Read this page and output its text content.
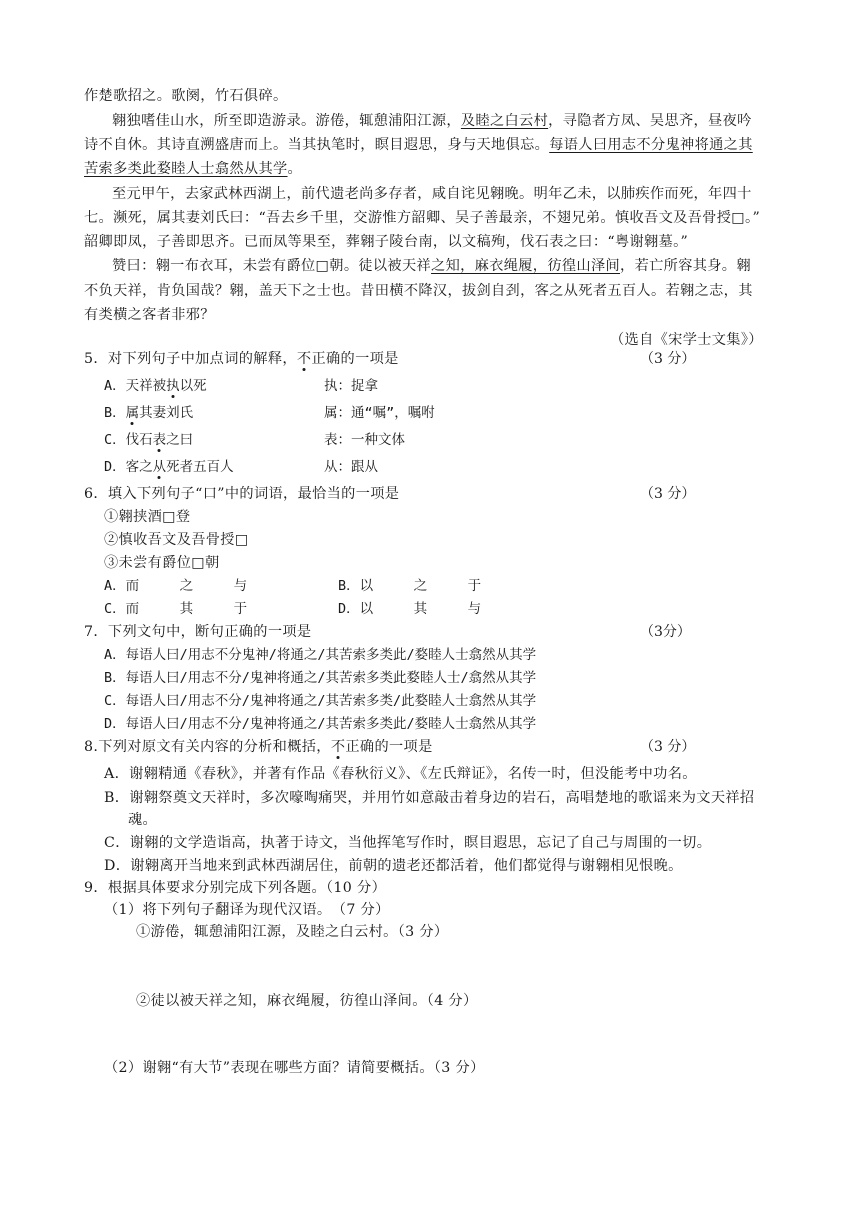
作楚歌招之。歌阕，竹石俱碎。
翱独嗜佳山水，所至即造游录。游倦，辄憩浦阳江源，及睦之白云村，寻隐者方凤、吴思齐，昼夜吟
诗不自休。其诗直溯盛唐而上。当其执笔时，瞑目遐思，身与天地俱忘。每语人曰用志不分鬼神将通之其
苦索多类此婺睦人士翕然从其学。
至元甲午，去家武林西湖上，前代遗老尚多存者，咸自诧见翱晚。明年乙未，以肺疾作而死，年四十
七。濒死，属其妻刘氏曰：“吾去乡千里，交游惟方韶卿、吴子善最亲，不翅兄弟。慎收吾文及吾骨授□。”
韶卿即凤，子善即思齐。已而凤等果至，葬翱子陵台南，以文稿殉，伐石表之曰：“粤谢翱墓。”
赞曰：翱一布衣耳，未尝有爵位□朝。徒以被天祥之知，麻衣绳履，彷徨山泽间，若亡所容其身。翱
不负天祥，肯负国哉？翱，盖天下之士也。昔田横不降汉，拔剑自刭，客之从死者五百人。若翱之志，其
有类横之客者非邪？
（选自《宋学士文集》）
5．对下列句子中加点词的解释，不正确的一项是	（3 分）
A．天祥被执以死	执：捉拿
B．属其妻刘氏	属：通“嘱”，嘱咐
C．伐石表之曰	表：一种文体
D．客之从死者五百人	从：跟从
6．填入下列句子“口”中的词语，最恰当的一项是	（3 分）
①翱挟酒□登
②慎收吾文及吾骨授□
③未尝有爵位□朝
A．而　　　之　　　与	B．以　　　之　　　于
C．而　　　其　　　于	D．以　　　其　　　与
7．下列文句中，断句正确的一项是	（3分）
A．每语人曰/用志不分鬼神/将通之/其苦索多类此/婺睦人士翕然从其学
B．每语人曰/用志不分/鬼神将通之/其苦索多类此婺睦人士/翕然从其学
C．每语人曰/用志不分/鬼神将通之/其苦索多类/此婺睦人士翕然从其学
D．每语人曰/用志不分/鬼神将通之/其苦索多类此/婺睦人士翕然从其学
8.下列对原文有关内容的分析和概括，不正确的一项是	（3 分）
A．谢翱精通《春秋》，并著有作品《春秋衍义》、《左氏辩证》，名传一时，但没能考中功名。
B．谢翱祭奠文天祥时，多次嚎啕痛哭，并用竹如意敲击着身边的岩石，高唱楚地的歌谣来为文天祥招
魂。
C．谢翱的文学造诣高，执著于诗文，当他挥笔写作时，瞑目遐思，忘记了自己与周围的一切。
D．谢翱离开当地来到武林西湖居住，前朝的遗老还都活着，他们都觉得与谢翱相见恨晚。
9．根据具体要求分别完成下列各题。（10 分）
（1）将下列句子翻译为现代汉语。　（7 分）
①游倦，辄憩浦阳江源，及睦之白云村。（3 分）
②徒以被天祥之知，麻衣绳履，彷徨山泽间。（4 分）
（2）谢翱“有大节”表现在哪些方面？请简要概括。（3 分）
